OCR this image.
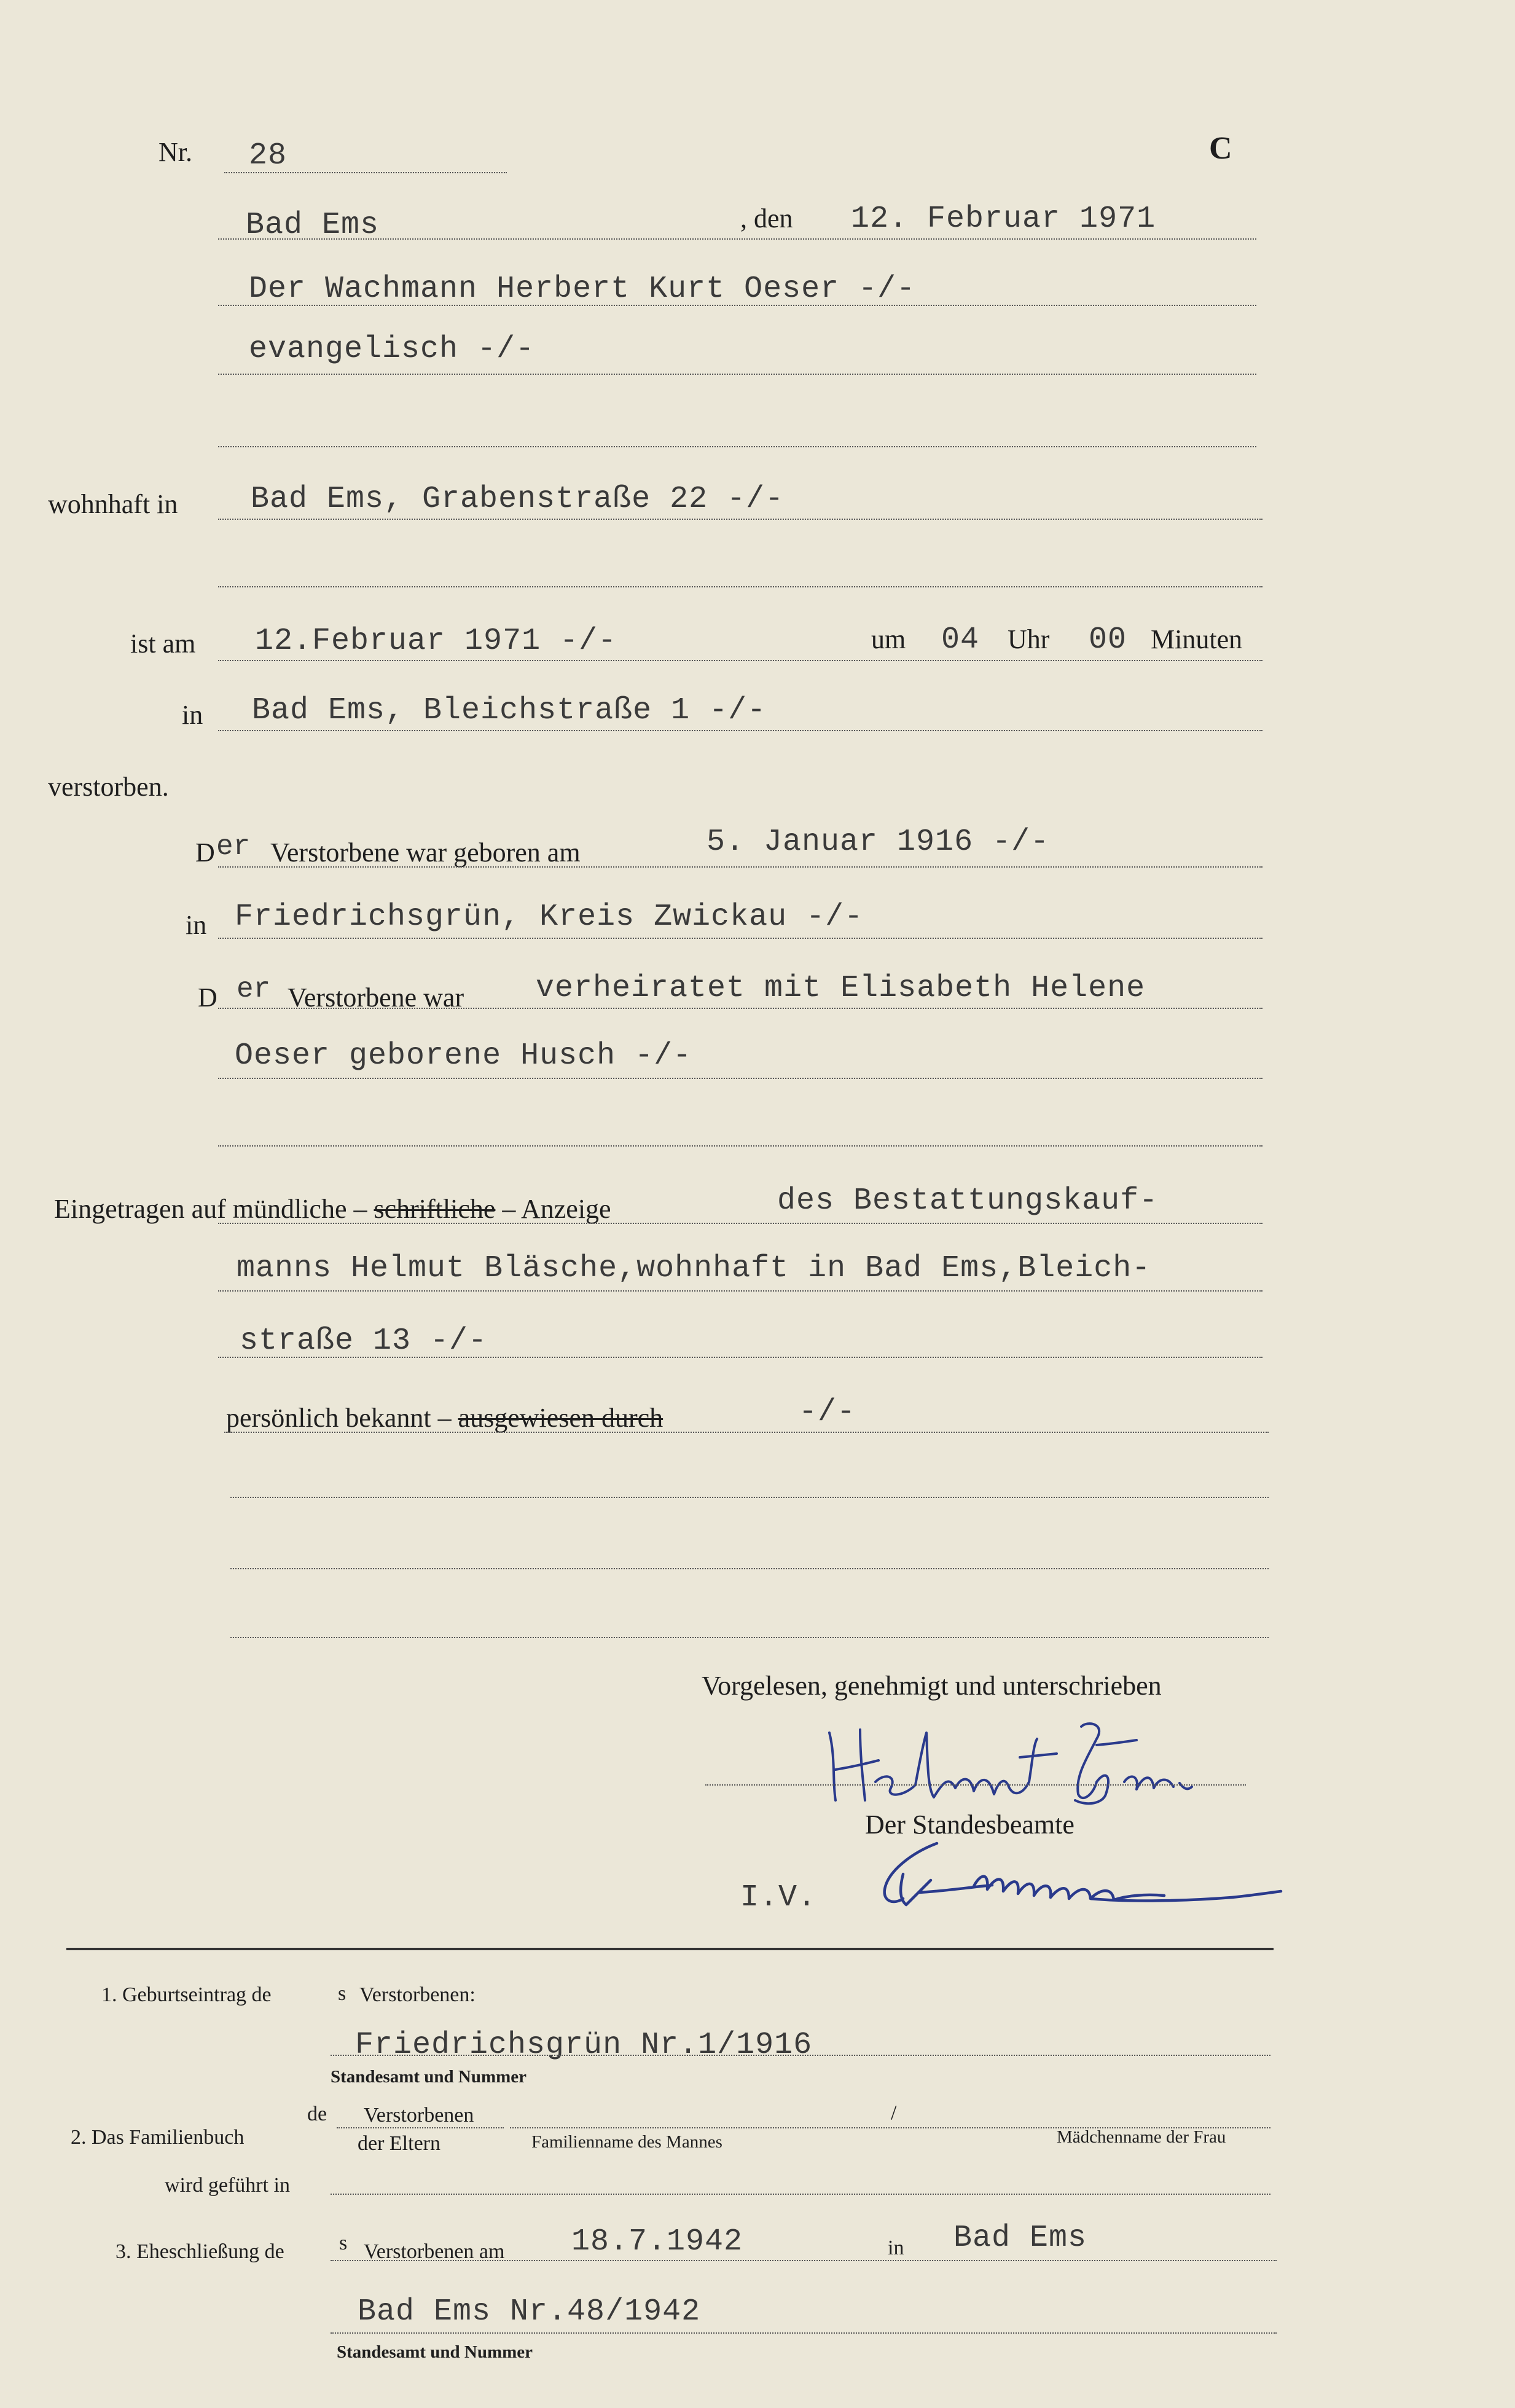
Nr. 28	C
Bad Ems	, den 12. Februar 1971
Der Wachmann Herbert Kurt Oeser -/-
evangelisch -/-
wohnhaft in Bad Ems, Grabenstraße 22 -/-
ist am 12.Februar 1971 -/-	um 04 Uhr 00 Minuten
in Bad Ems, Bleichstraße 1 -/-
verstorben.
D er Verstorbene war geboren am	5. Januar 1916 -/-
in Friedrichsgrün, Kreis Zwickau -/-
D er Verstorbene war verheiratet mit Elisabeth Helene
Oeser geborene Husch -/-
Eingetragen auf mündliche – schriftliche – Anzeige	des Bestattungskauf-
manns Helmut Bläsche,wohnhaft in Bad Ems,Bleich-
straße 13 -/-
persönlich bekannt – ausgewiesen durch	-/-
Vorgelesen, genehmigt und unterschrieben
Der Standesbeamte
I.V.
1. Geburtseintrag de	s Verstorbenen:
Friedrichsgrün Nr.1/1916
Standesamt und Nummer
2. Das Familienbuch
de Verstorbenen
der Eltern	Familienname des Mannes
/
Mädchenname der Frau
wird geführt in
3. Eheschließung de	s Verstorbenen am 18.7.1942	in Bad Ems
Bad Ems Nr.48/1942
Standesamt und Nummer
